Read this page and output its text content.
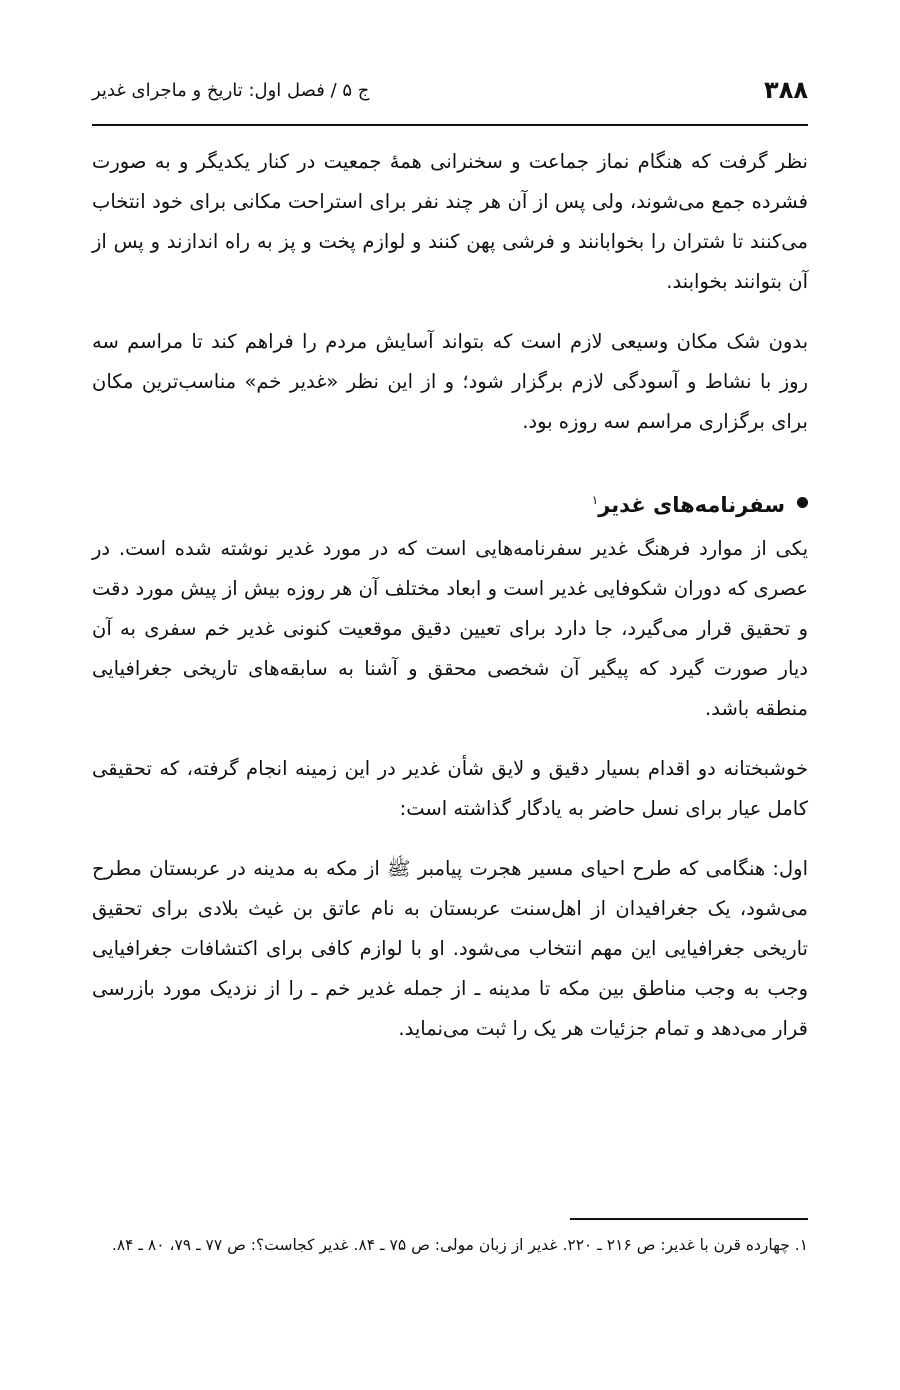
۳۸۸
ج ۵ / فصل اول: تاریخ و ماجرای غدیر

نظر گرفت که هنگام نماز جماعت و سخنرانی همهٔ جمعیت در کنار یکدیگر و به صورت فشرده جمع می‌شوند، ولی پس از آن هر چند نفر برای استراحت مکانی برای خود انتخاب می‌کنند تا شتران را بخوابانند و فرشی پهن کنند و لوازم پخت و پز به راه اندازند و پس از آن بتوانند بخوابند.

بدون شک مکان وسیعی لازم است که بتواند آسایش مردم را فراهم کند تا مراسم سه روز با نشاط و آسودگی لازم برگزار شود؛ و از این نظر «غدیر خم» مناسب‌ترین مکان برای برگزاری مراسم سه روزه بود.

سفرنامه‌های غدیر$^۱$

یکی از موارد فرهنگ غدیر سفرنامه‌هایی است که در مورد غدیر نوشته شده است. در عصری که دوران شکوفایی غدیر است و ابعاد مختلف آن هر روزه بیش از پیش مورد دقت و تحقیق قرار می‌گیرد، جا دارد برای تعیین دقیق موقعیت کنونی غدیر خم سفری به آن دیار صورت گیرد که پیگیر آن شخصی محقق و آشنا به سابقه‌های تاریخی جغرافیایی منطقه باشد.

خوشبختانه دو اقدام بسیار دقیق و لایق شأن غدیر در این زمینه انجام گرفته، که تحقیقی کامل عیار برای نسل حاضر به یادگار گذاشته است:

اول: هنگامی که طرح احیای مسیر هجرت پیامبر ﷺ از مکه به مدینه در عربستان مطرح می‌شود، یک جغرافیدان از اهل‌سنت عربستان به نام عاتق بن غیث بلادی برای تحقیق تاریخی جغرافیایی این مهم انتخاب می‌شود. او با لوازم کافی برای اکتشافات جغرافیایی وجب به وجب مناطق بین مکه تا مدینه ـ از جمله غدیر خم ـ را از نزدیک مورد بازرسی قرار می‌دهد و تمام جزئیات هر یک را ثبت می‌نماید.

۱. چهارده قرن با غدیر: ص ۲۱۶ ـ ۲۲۰. غدیر از زبان مولی: ص ۷۵ ـ ۸۴. غدیر کجاست؟: ص ۷۷ ـ ۷۹، ۸۰ ـ ۸۴.
